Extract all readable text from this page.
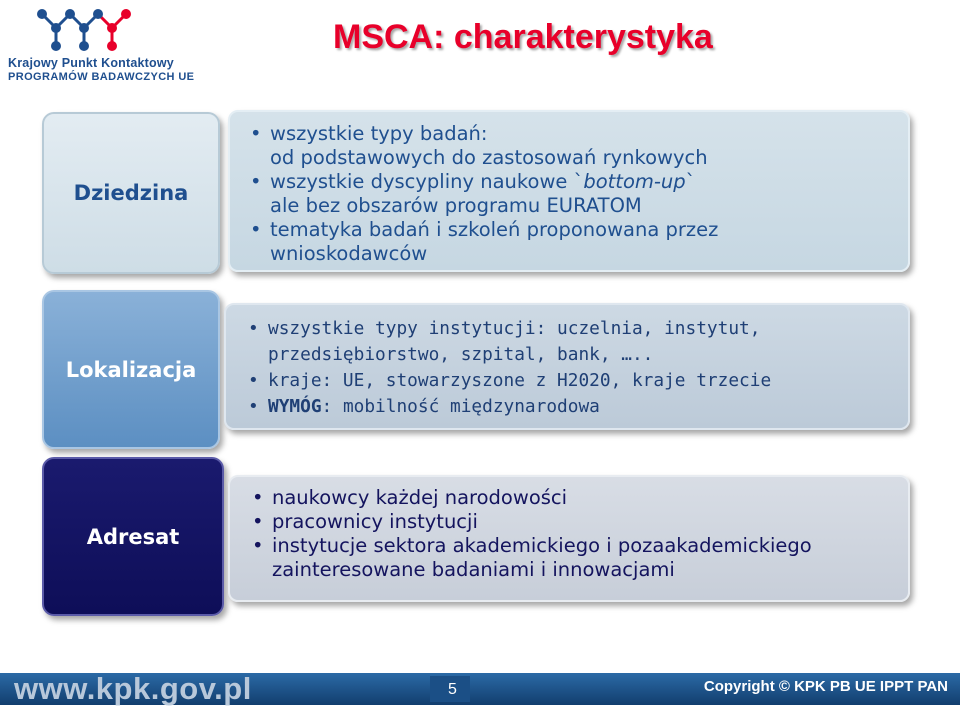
Krajowy Punkt Kontaktowy
PROGRAMÓW BADAWCZYCH UE
MSCA: charakterystyka
Dziedzina
• wszystkie typy badań:
od podstawowych do zastosowań rynkowych
• wszystkie dyscypliny naukowe `bottom-up`
ale bez obszarów programu EURATOM
• tematyka badań i szkoleń proponowana przez
wnioskodawców
Lokalizacja
• wszystkie typy instytucji: uczelnia, instytut,
przedsiębiorstwo, szpital, bank, …..
• kraje: UE, stowarzyszone z H2020, kraje trzecie
• WYMÓG: mobilność międzynarodowa
Adresat
• naukowcy każdej narodowości
• pracownicy instytucji
• instytucje sektora akademickiego i pozaakademickiego
zainteresowane badaniami i innowacjami
www.kpk.gov.pl	Copyright © KPK PB UE IPPT PAN
5
